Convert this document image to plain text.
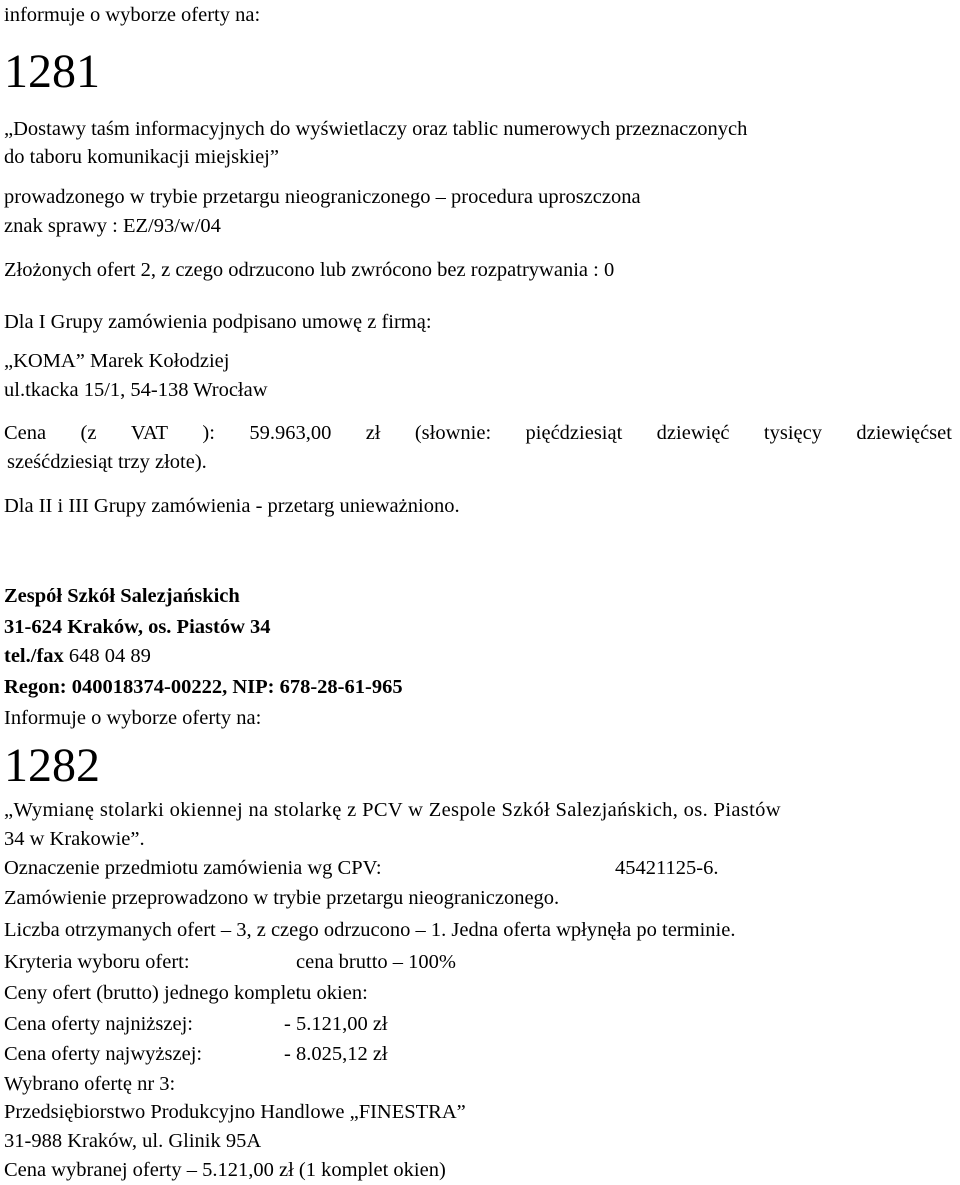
informuje o wyborze oferty na:
1281
„Dostawy taśm informacyjnych do wyświetlaczy oraz tablic numerowych przeznaczonych
do taboru komunikacji miejskiej”
prowadzonego w trybie przetargu nieograniczonego – procedura uproszczona
znak sprawy : EZ/93/w/04
Złożonych ofert 2, z czego odrzucono lub zwrócono bez rozpatrywania : 0
Dla I Grupy zamówienia podpisano umowę z firmą:
„KOMA” Marek Kołodziej
ul.tkacka 15/1, 54-138 Wrocław
Cena (z VAT ): 59.963,00 zł (słownie: pięćdziesiąt dziewięć tysięcy dziewięćset
sześćdziesiąt trzy złote).
Dla II i III Grupy zamówienia - przetarg unieważniono.
Zespół Szkół Salezjańskich
31-624 Kraków, os. Piastów 34
tel./fax 648 04 89
Regon: 040018374-00222, NIP: 678-28-61-965
Informuje o wyborze oferty na:
1282
„Wymianę stolarki okiennej na stolarkę z PCV w Zespole Szkół Salezjańskich, os. Piastów
34 w Krakowie”.
Oznaczenie przedmiotu zamówienia wg CPV:	45421125-6.
Zamówienie przeprowadzono w trybie przetargu nieograniczonego.
Liczba otrzymanych ofert – 3, z czego odrzucono – 1. Jedna oferta wpłynęła po terminie.
Kryteria wyboru ofert:	cena brutto – 100%
Ceny ofert (brutto) jednego kompletu okien:
Cena oferty najniższej:	- 5.121,00 zł
Cena oferty najwyższej:	- 8.025,12 zł
Wybrano ofertę nr 3:
Przedsiębiorstwo Produkcyjno Handlowe „FINESTRA”
31-988 Kraków, ul. Glinik 95A
Cena wybranej oferty – 5.121,00 zł (1 komplet okien)
